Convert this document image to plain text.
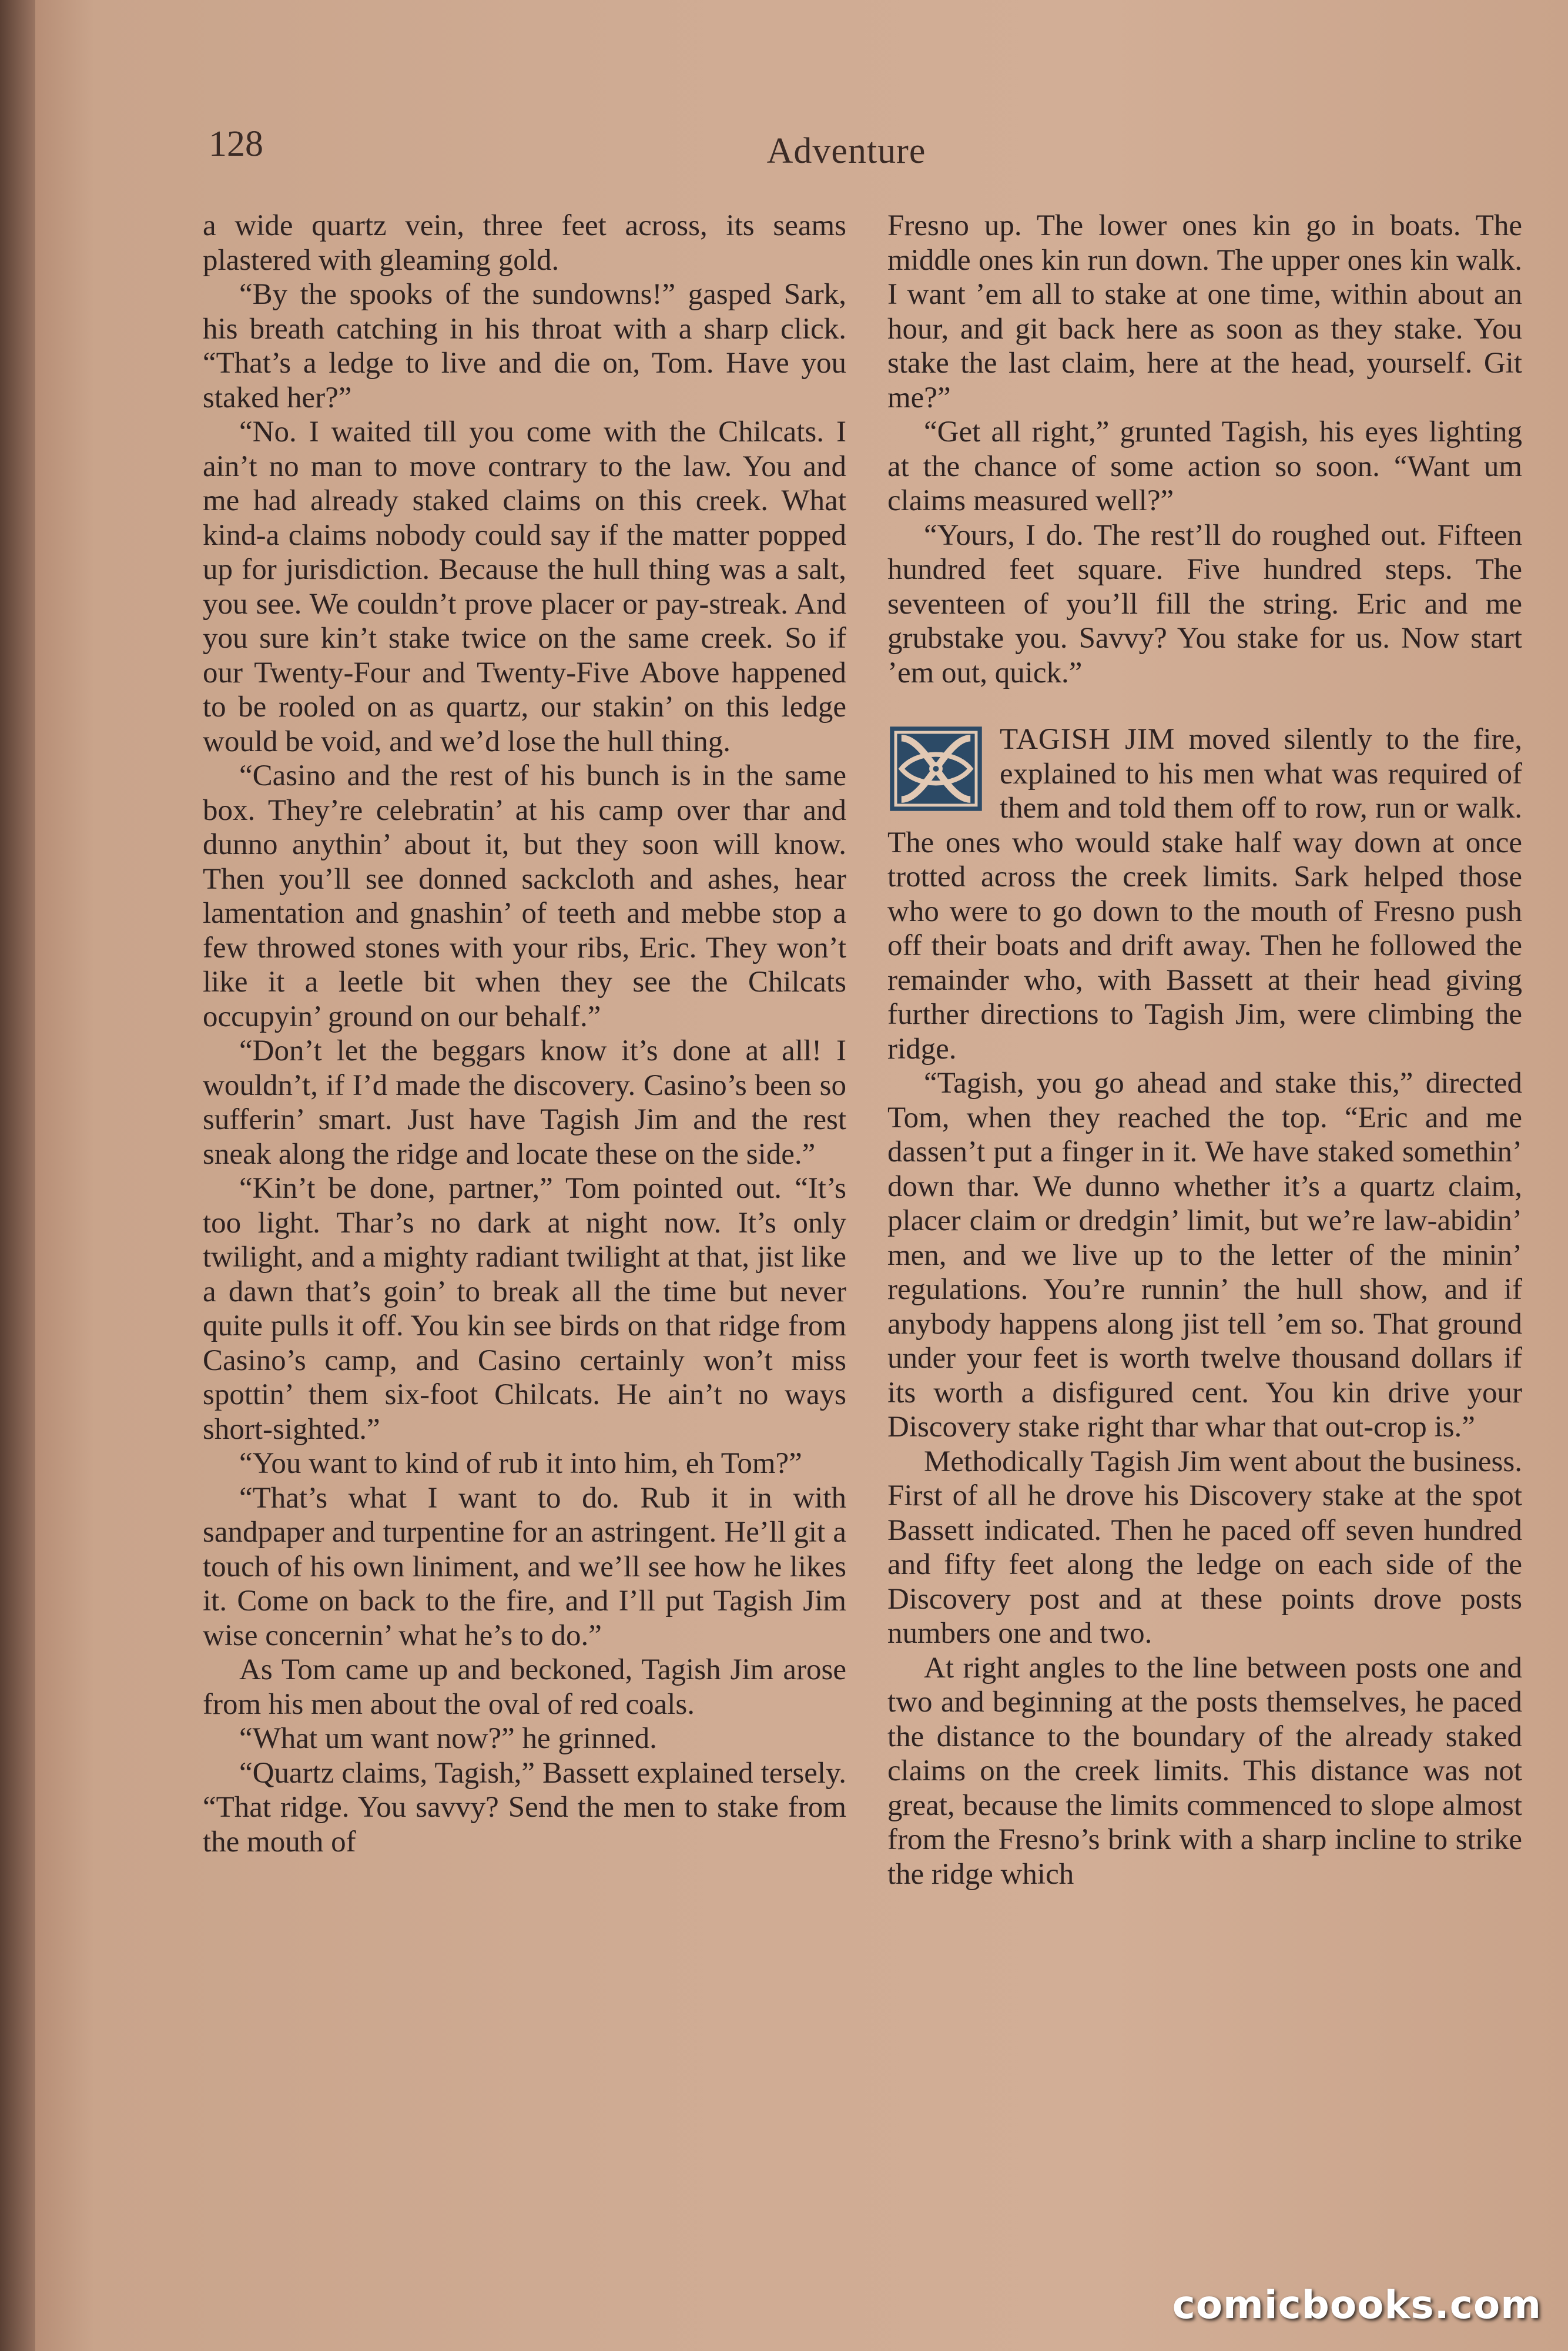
128	Adventure

a wide quartz vein, three feet across, its seams plastered with gleaming gold.

“By the spooks of the sundowns!” gasped Sark, his breath catching in his throat with a sharp click. “That’s a ledge to live and die on, Tom. Have you staked her?”

“No. I waited till you come with the Chilcats. I ain’t no man to move contrary to the law. You and me had already staked claims on this creek. What kind-a claims nobody could say if the matter popped up for jurisdiction. Because the hull thing was a salt, you see. We couldn’t prove placer or pay-streak. And you sure kin’t stake twice on the same creek. So if our Twenty-Four and Twenty-Five Above happened to be rooled on as quartz, our stakin’ on this ledge would be void, and we’d lose the hull thing.

“Casino and the rest of his bunch is in the same box. They’re celebratin’ at his camp over thar and dunno anythin’ about it, but they soon will know. Then you’ll see donned sackcloth and ashes, hear lamentation and gnashin’ of teeth and mebbe stop a few throwed stones with your ribs, Eric. They won’t like it a leetle bit when they see the Chilcats occupyin’ ground on our behalf.”

“Don’t let the beggars know it’s done at all! I wouldn’t, if I’d made the discovery. Casino’s been so sufferin’ smart. Just have Tagish Jim and the rest sneak along the ridge and locate these on the side.”

“Kin’t be done, partner,” Tom pointed out. “It’s too light. Thar’s no dark at night now. It’s only twilight, and a mighty radiant twilight at that, jist like a dawn that’s goin’ to break all the time but never quite pulls it off. You kin see birds on that ridge from Casino’s camp, and Casino certainly won’t miss spottin’ them six-foot Chilcats. He ain’t no ways short-sighted.”

“You want to kind of rub it into him, eh Tom?”

“That’s what I want to do. Rub it in with sandpaper and turpentine for an astringent. He’ll git a touch of his own liniment, and we’ll see how he likes it. Come on back to the fire, and I’ll put Tagish Jim wise concernin’ what he’s to do.”

As Tom came up and beckoned, Tagish Jim arose from his men about the oval of red coals.

“What um want now?” he grinned.

“Quartz claims, Tagish,” Bassett explained tersely. “That ridge. You savvy? Send the men to stake from the mouth of

Fresno up. The lower ones kin go in boats. The middle ones kin run down. The upper ones kin walk. I want ’em all to stake at one time, within about an hour, and git back here as soon as they stake. You stake the last claim, here at the head, yourself. Git me?”

“Get all right,” grunted Tagish, his eyes lighting at the chance of some action so soon. “Want um claims measured well?”

“Yours, I do. The rest’ll do roughed out. Fifteen hundred feet square. Five hundred steps. The seventeen of you’ll fill the string. Eric and me grubstake you. Savvy? You stake for us. Now start ’em out, quick.”

TAGISH JIM moved silently to the fire, explained to his men what was required of them and told them off to row, run or walk. The ones who would stake half way down at once trotted across the creek limits. Sark helped those who were to go down to the mouth of Fresno push off their boats and drift away. Then he followed the remainder who, with Bassett at their head giving further directions to Tagish Jim, were climbing the ridge.

“Tagish, you go ahead and stake this,” directed Tom, when they reached the top. “Eric and me dassen’t put a finger in it. We have staked somethin’ down thar. We dunno whether it’s a quartz claim, placer claim or dredgin’ limit, but we’re law-abidin’ men, and we live up to the letter of the minin’ regulations. You’re runnin’ the hull show, and if anybody happens along jist tell ’em so. That ground under your feet is worth twelve thousand dollars if its worth a disfigured cent. You kin drive your Discovery stake right thar whar that out-crop is.”

Methodically Tagish Jim went about the business. First of all he drove his Discovery stake at the spot Bassett indicated. Then he paced off seven hundred and fifty feet along the ledge on each side of the Discovery post and at these points drove posts numbers one and two.

At right angles to the line between posts one and two and beginning at the posts themselves, he paced the distance to the boundary of the already staked claims on the creek limits. This distance was not great, because the limits commenced to slope almost from the Fresno’s brink with a sharp incline to strike the ridge which

comicbooks.com
